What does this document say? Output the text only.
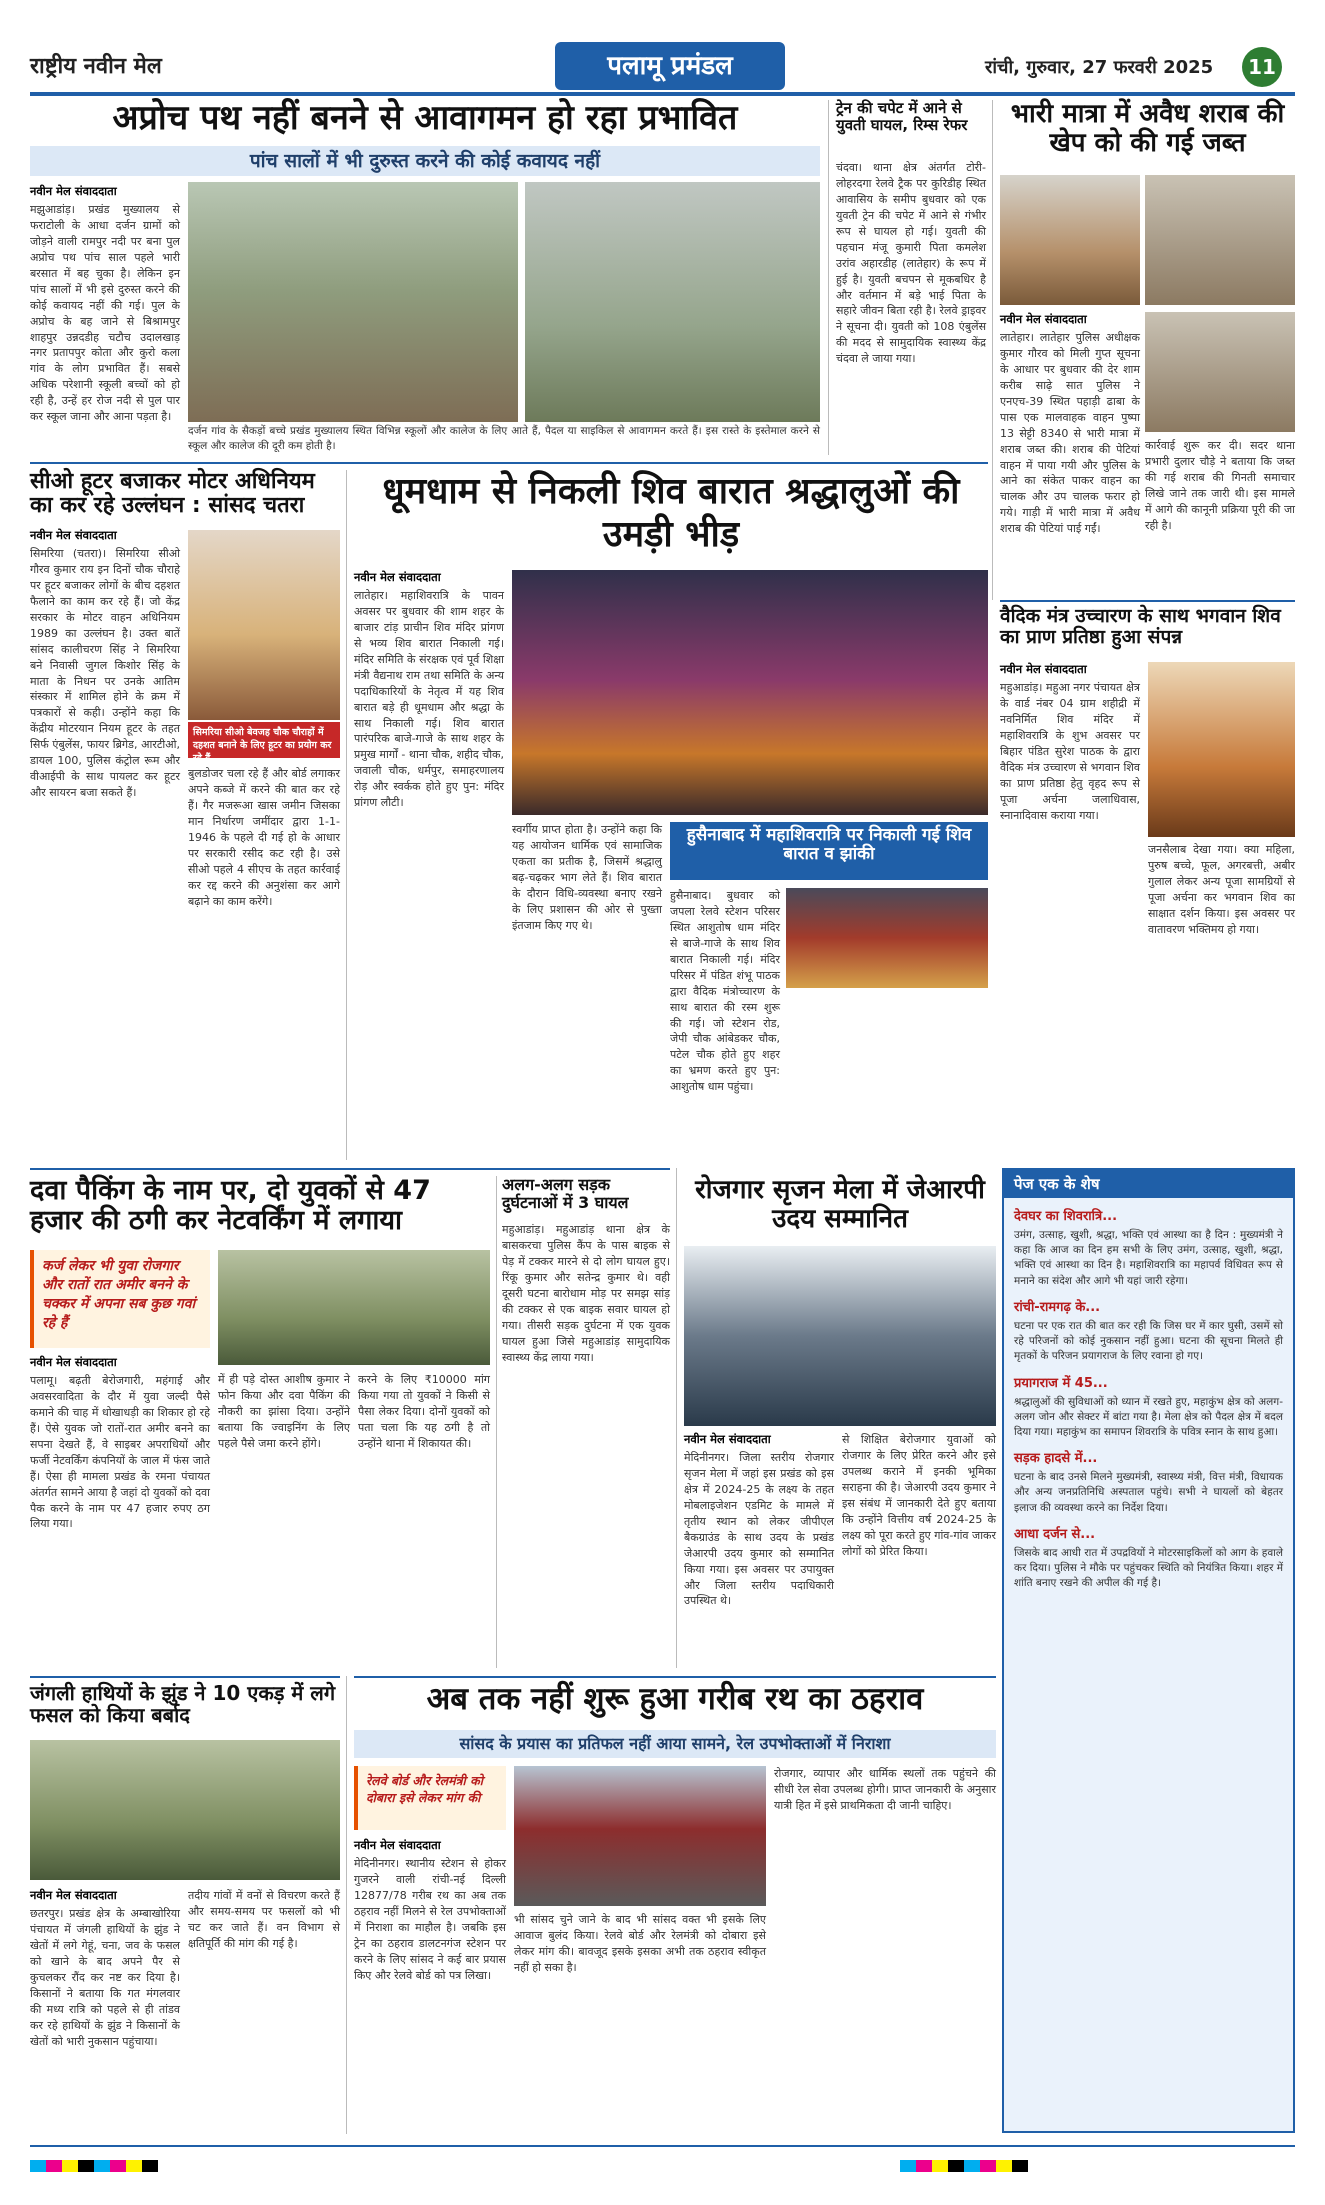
राष्ट्रीय नवीन मेल	पलामू प्रमंडल	रांची, गुरुवार, 27 फरवरी 2025	11
अप्रोच पथ नहीं बनने से आवागमन हो रहा प्रभावित
पांच सालों में भी दुरुस्त करने की कोई कवायद नहीं
नवीन मेल संवाददाता
मझुआडांड़। प्रखंड मुख्यालय से फराटोली के आधा दर्जन ग्रामों को जोड़ने वाली रामपुर नदी पर बना पुल अप्रोच पथ पांच साल पहले भारी बरसात में बह चुका है। लेकिन इन पांच सालों में भी इसे दुरुस्त करने की कोई कवायद नहीं की गई। पुल के अप्रोच के बह जाने से बिश्रामपुर शाहपुर उन्नदडीह चटौच उदालखाड़ नगर प्रतापपुर कोता और कुरो कला गांव के लोग प्रभावित हैं। सबसे अधिक परेशानी स्कूली बच्चों को हो रही है, उन्हें हर रोज नदी से पुल पार कर स्कूल जाना और आना पड़ता है।
दर्जन गांव के सैकड़ों बच्चे प्रखंड मुख्यालय स्थित विभिन्न स्कूलों और कालेज के लिए आते हैं, पैदल या साइकिल से आवागमन करते हैं। इस रास्ते के इस्तेमाल करने से स्कूल और कालेज की दूरी कम होती है।
ट्रेन की चपेट में आने से युवती घायल, रिम्स रेफर
चंदवा। थाना क्षेत्र अंतर्गत टोरी-लोहरदगा रेलवे ट्रैक पर कुरिडीह स्थित आवासिय के समीप बुधवार को एक युवती ट्रेन की चपेट में आने से गंभीर रूप से घायल हो गई। युवती की पहचान मंजू कुमारी पिता कमलेश उरांव अहारडीह (लातेहार) के रूप में हुई है। युवती बचपन से मूकबधिर है और वर्तमान में बड़े भाई पिता के सहारे जीवन बिता रही है। रेलवे ड्राइवर ने सूचना दी। युवती को 108 एंबुलेंस की मदद से सामुदायिक स्वास्थ्य केंद्र चंदवा ले जाया गया।
भारी मात्रा में अवैध शराब की खेप को की गई जब्त
नवीन मेल संवाददाता
लातेहार। लातेहार पुलिस अधीक्षक कुमार गौरव को मिली गुप्त सूचना के आधार पर बुधवार की देर शाम करीब साढ़े सात पुलिस ने एनएच-39 स्थित पहाड़ी ढाबा के पास एक मालवाहक वाहन पुष्पा 13 सेट्टी 8340 से भारी मात्रा में शराब जब्त की। शराब की पेटियां वाहन में पाया गयी और पुलिस के आने का संकेत पाकर वाहन का चालक और उप चालक फरार हो गये। गाड़ी में भारी मात्रा में अवैध शराब की पेटियां पाई गईं।
कार्रवाई शुरू कर दी। सदर थाना प्रभारी दुलार चौड़े ने बताया कि जब्त की गई शराब की गिनती समाचार लिखे जाने तक जारी थी। इस मामले में आगे की कानूनी प्रक्रिया पूरी की जा रही है।
सीओ हूटर बजाकर मोटर अधिनियम का कर रहे उल्लंघन : सांसद चतरा
नवीन मेल संवाददाता
सिमरिया (चतरा)। सिमरिया सीओ गौरव कुमार राय इन दिनों चौक चौराहे पर हूटर बजाकर लोगों के बीच दहशत फैलाने का काम कर रहे हैं। जो केंद्र सरकार के मोटर वाहन अधिनियम 1989 का उल्लंघन है। उक्त बातें सांसद कालीचरण सिंह ने सिमरिया बने निवासी जुगल किशोर सिंह के माता के निधन पर उनके आतिम संस्कार में शामिल होने के क्रम में पत्रकारों से कही। उन्होंने कहा कि केंद्रीय मोटरयान नियम हूटर के तहत सिर्फ एंबुलेंस, फायर ब्रिगेड, आरटीओ, डायल 100, पुलिस कंट्रोल रूम और वीआईपी के साथ पायलट कर हूटर और सायरन बजा सकते हैं।
सिमरिया सीओ बेवजह चौक चौराहों में दहशत बनाने के लिए हूटर का प्रयोग कर रहे हैं
बुलडोजर चला रहे हैं और बोर्ड लगाकर अपने कब्जे में करने की बात कर रहे हैं। गैर मजरूआ खास जमीन जिसका मान निर्धारण जमींदार द्वारा 1-1-1946 के पहले दी गई हो के आधार पर सरकारी रसीद कट रही है। उसे सीओ पहले 4 सीएच के तहत कार्रवाई कर रद्द करने की अनुशंसा कर आगे बढ़ाने का काम करेंगे।
धूमधाम से निकली शिव बारात श्रद्धालुओं की उमड़ी भीड़
नवीन मेल संवाददाता
लातेहार। महाशिवरात्रि के पावन अवसर पर बुधवार की शाम शहर के बाजार टांड़ प्राचीन शिव मंदिर प्रांगण से भव्य शिव बारात निकाली गई। मंदिर समिति के संरक्षक एवं पूर्व शिक्षा मंत्री वैद्यनाथ राम तथा समिति के अन्य पदाधिकारियों के नेतृत्व में यह शिव बारात बड़े ही धूमधाम और श्रद्धा के साथ निकाली गई। शिव बारात पारंपरिक बाजे-गाजे के साथ शहर के प्रमुख मार्गों - थाना चौक, शहीद चौक, जवाली चौक, धर्मपुर, समाहरणालय रोड़ और स्वर्कक होते हुए पुन: मंदिर प्रांगण लौटी।
स्वर्गीय प्राप्त होता है। उन्होंने कहा कि यह आयोजन धार्मिक एवं सामाजिक एकता का प्रतीक है, जिसमें श्रद्धालु बढ़-चढ़कर भाग लेते हैं। शिव बारात के दौरान विधि-व्यवस्था बनाए रखने के लिए प्रशासन की ओर से पुख्ता इंतजाम किए गए थे।
हुसैनाबाद में महाशिवरात्रि पर निकाली गई शिव बारात व झांकी
हुसैनाबाद। बुधवार को जपला रेलवे स्टेशन परिसर स्थित आशुतोष धाम मंदिर से बाजे-गाजे के साथ शिव बारात निकाली गई। मंदिर परिसर में पंडित शंभू पाठक द्वारा वैदिक मंत्रोच्चारण के साथ बारात की रस्म शुरू की गई। जो स्टेशन रोड, जेपी चौक आंबेडकर चौक, पटेल चौक होते हुए शहर का भ्रमण करते हुए पुन: आशुतोष धाम पहुंचा।
वैदिक मंत्र उच्चारण के साथ भगवान शिव का प्राण प्रतिष्ठा हुआ संपन्न
नवीन मेल संवाददाता
महुआडांड़। महुआ नगर पंचायत क्षेत्र के वार्ड नंबर 04 ग्राम शहीद्री में नवनिर्मित शिव मंदिर में महाशिवरात्रि के शुभ अवसर पर बिहार पंडित सुरेश पाठक के द्वारा वैदिक मंत्र उच्चारण से भगवान शिव का प्राण प्रतिष्ठा हेतु वृहद रूप से पूजा अर्चना जलाधिवास, स्नानादिवास कराया गया।
जनसैलाब देखा गया। क्या महिला, पुरुष बच्चे, फूल, अगरबत्ती, अबीर गुलाल लेकर अन्य पूजा सामग्रियों से पूजा अर्चना कर भगवान शिव का साक्षात दर्शन किया। इस अवसर पर वातावरण भक्तिमय हो गया।
दवा पैकिंग के नाम पर, दो युवकों से 47 हजार की ठगी कर नेटवर्किंग में लगाया
कर्ज लेकर भी युवा रोजगार और रातों रात अमीर बनने के चक्कर में अपना सब कुछ गवां रहे हैं
नवीन मेल संवाददाता
पलामू। बढ़ती बेरोजगारी, महंगाई और अवसरवादिता के दौर में युवा जल्दी पैसे कमाने की चाह में धोखाधड़ी का शिकार हो रहे हैं। ऐसे युवक जो रातों-रात अमीर बनने का सपना देखते हैं, वे साइबर अपराधियों और फर्जी नेटवर्किंग कंपनियों के जाल में फंस जाते हैं। ऐसा ही मामला प्रखंड के रमना पंचायत अंतर्गत सामने आया है जहां दो युवकों को दवा पैक करने के नाम पर 47 हजार रुपए ठग लिया गया।
में ही पड़े दोस्त आशीष कुमार ने फोन किया और दवा पैकिंग की नौकरी का झांसा दिया। उन्होंने बताया कि ज्वाइनिंग के लिए पहले पैसे जमा करने होंगे।
करने के लिए ₹10000 मांग किया गया तो युवकों ने किसी से पैसा लेकर दिया। दोनों युवकों को पता चला कि यह ठगी है तो उन्होंने थाना में शिकायत की।
अलग-अलग सड़क दुर्घटनाओं में 3 घायल
महुआडांड़। महुआडांड़ थाना क्षेत्र के बासकरचा पुलिस कैंप के पास बाइक से पेड़ में टक्कर मारने से दो लोग घायल हुए। रिंकू कुमार और सतेन्द्र कुमार थे। वही दूसरी घटना बारोधाम मोड़ पर समझ सांड़ की टक्कर से एक बाइक सवार घायल हो गया। तीसरी सड़क दुर्घटना में एक युवक घायल हुआ जिसे महुआडांड़ सामुदायिक स्वास्थ्य केंद्र लाया गया।
रोजगार सृजन मेला में जेआरपी उदय सम्मानित
नवीन मेल संवाददाता
मेदिनीनगर। जिला स्तरीय रोजगार सृजन मेला में जहां इस प्रखंड को इस क्षेत्र में 2024-25 के लक्ष्य के तहत मोबलाइजेशन एडमिट के मामले में तृतीय स्थान को लेकर जीपीएल बैकग्राउंड के साथ उदय के प्रखंड जेआरपी उदय कुमार को सम्मानित किया गया। इस अवसर पर उपायुक्त और जिला स्तरीय पदाधिकारी उपस्थित थे।
से शिक्षित बेरोजगार युवाओं को रोजगार के लिए प्रेरित करने और इसे उपलब्ध कराने में इनकी भूमिका सराहना की है। जेआरपी उदय कुमार ने इस संबंध में जानकारी देते हुए बताया कि उन्होंने वित्तीय वर्ष 2024-25 के लक्ष्य को पूरा करते हुए गांव-गांव जाकर लोगों को प्रेरित किया।
पेज एक के शेष
देवघर का शिवरात्रि...
उमंग, उत्साह, खुशी, श्रद्धा, भक्ति एवं आस्था का है दिन : मुख्यमंत्री ने कहा कि आज का दिन हम सभी के लिए उमंग, उत्साह, खुशी, श्रद्धा, भक्ति एवं आस्था का दिन है। महाशिवरात्रि का महापर्व विधिवत रूप से मनाने का संदेश और आगे भी यहां जारी रहेगा।
रांची-रामगढ़ के...
घटना पर एक रात की बात कर रही कि जिस घर में कार घुसी, उसमें सो रहे परिजनों को कोई नुकसान नहीं हुआ। घटना की सूचना मिलते ही मृतकों के परिजन प्रयागराज के लिए रवाना हो गए।
प्रयागराज में 45...
श्रद्धालुओं की सुविधाओं को ध्यान में रखते हुए, महाकुंभ क्षेत्र को अलग-अलग जोन और सेक्टर में बांटा गया है। मेला क्षेत्र को पैदल क्षेत्र में बदल दिया गया। महाकुंभ का समापन शिवरात्रि के पवित्र स्नान के साथ हुआ।
सड़क हादसे में...
घटना के बाद उनसे मिलने मुख्यमंत्री, स्वास्थ्य मंत्री, वित्त मंत्री, विधायक और अन्य जनप्रतिनिधि अस्पताल पहुंचे। सभी ने घायलों को बेहतर इलाज की व्यवस्था करने का निर्देश दिया।
आधा दर्जन से...
जिसके बाद आधी रात में उपद्रवियों ने मोटरसाइकिलों को आग के हवाले कर दिया। पुलिस ने मौके पर पहुंचकर स्थिति को नियंत्रित किया। शहर में शांति बनाए रखने की अपील की गई है।
जंगली हाथियों के झुंड ने 10 एकड़ में लगे फसल को किया बर्बाद
नवीन मेल संवाददाता
छतरपुर। प्रखंड क्षेत्र के अम्बाखोरिया पंचायत में जंगली हाथियों के झुंड ने खेतों में लगे गेहूं, चना, जव के फसल को खाने के बाद अपने पैर से कुचलकर रौंद कर नष्ट कर दिया है। किसानों ने बताया कि गत मंगलवार की मध्य रात्रि को पहले से ही तांडव कर रहे हाथियों के झुंड ने किसानों के खेतों को भारी नुकसान पहुंचाया।
तदीय गांवों में वनों से विचरण करते हैं और समय-समय पर फसलों को भी चट कर जाते हैं। वन विभाग से क्षतिपूर्ति की मांग की गई है।
अब तक नहीं शुरू हुआ गरीब रथ का ठहराव
सांसद के प्रयास का प्रतिफल नहीं आया सामने, रेल उपभोक्ताओं में निराशा
रेलवे बोर्ड और रेलमंत्री को दोबारा इसे लेकर मांग की
नवीन मेल संवाददाता
मेदिनीनगर। स्थानीय स्टेशन से होकर गुजरने वाली रांची-नई दिल्ली 12877/78 गरीब रथ का अब तक ठहराव नहीं मिलने से रेल उपभोक्ताओं में निराशा का माहौल है। जबकि इस ट्रेन का ठहराव डालटनगंज स्टेशन पर करने के लिए सांसद ने कई बार प्रयास किए और रेलवे बोर्ड को पत्र लिखा।
भी सांसद चुने जाने के बाद भी सांसद वक्त भी इसके लिए आवाज बुलंद किया। रेलवे बोर्ड और रेलमंत्री को दोबारा इसे लेकर मांग की। बावजूद इसके इसका अभी तक ठहराव स्वीकृत नहीं हो सका है।
रोजगार, व्यापार और धार्मिक स्थलों तक पहुंचने की सीधी रेल सेवा उपलब्ध होगी। प्राप्त जानकारी के अनुसार यात्री हित में इसे प्राथमिकता दी जानी चाहिए।
